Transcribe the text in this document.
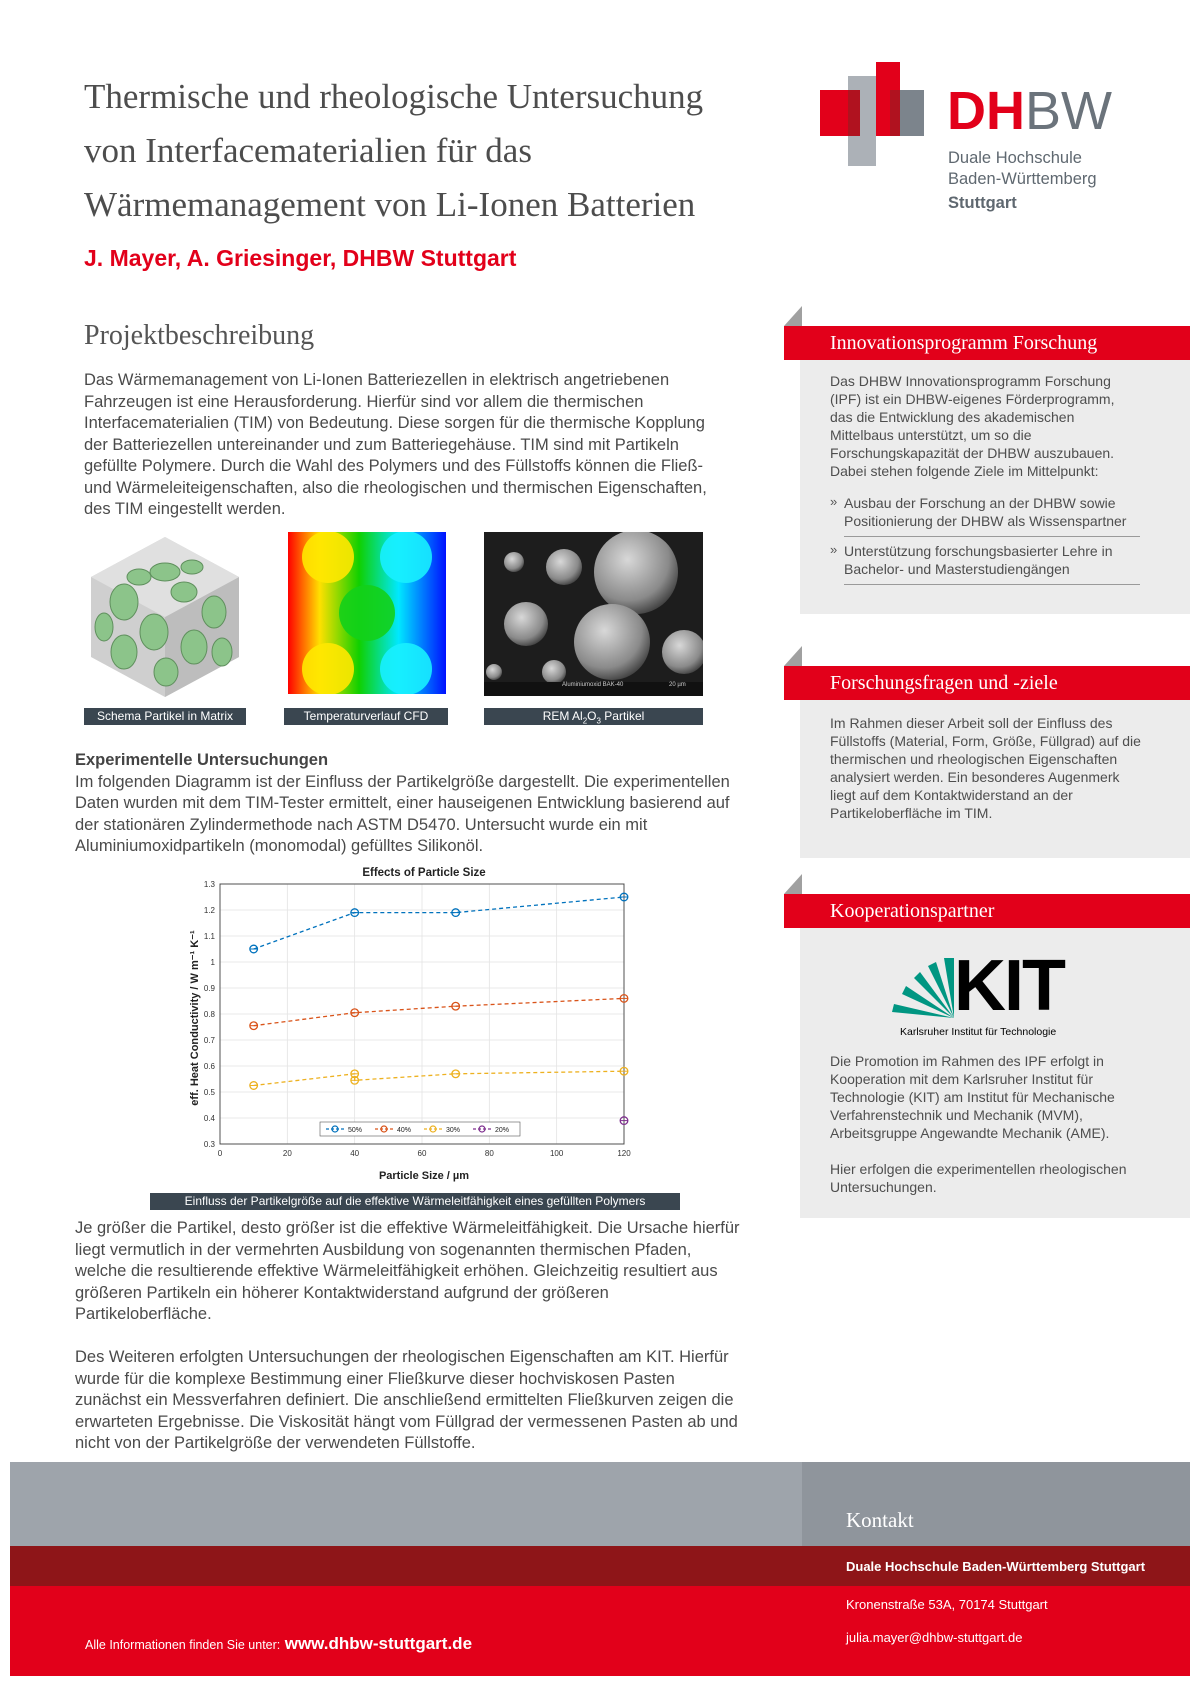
Thermische und rheologische Untersuchung
von Interfacematerialien für das
Wärmemanagement von Li-Ionen Batterien
J. Mayer, A. Griesinger, DHBW Stuttgart
DHBW
Duale Hochschule
Baden-Württemberg
Stuttgart
Projektbeschreibung
Das Wärmemanagement von Li-Ionen Batteriezellen in elektrisch angetriebenen Fahrzeugen ist eine Herausforderung. Hierfür sind vor allem die thermischen Interfacematerialien (TIM) von Bedeutung. Diese sorgen für die thermische Kopplung der Batteriezellen untereinander und zum Batteriegehäuse. TIM sind mit Partikeln gefüllte Polymere. Durch die Wahl des Polymers und des Füllstoffs können die Fließ- und Wärmeleiteigenschaften, also die rheologischen und thermischen Eigenschaften, des TIM eingestellt werden.
Aluminiumoxid BAK-40	20 µm
Schema Partikel in Matrix	Temperaturverlauf CFD	REM $Al_2O_3$ Partikel
Experimentelle Untersuchungen
Im folgenden Diagramm ist der Einfluss der Partikelgröße dargestellt. Die experimentellen Daten wurden mit dem TIM-Tester ermittelt, einer hauseigenen Entwicklung basierend auf der stationären Zylindermethode nach ASTM D5470. Untersucht wurde ein mit Aluminiumoxidpartikeln (monomodal) gefülltes Silikonöl.
Effects of Particle Size
Particle Size / µm
eff. Heat Conductivity / W m⁻¹ K⁻¹
0.3
0.4
0.5
0.6
0.7
0.8
0.9
1
1.1
1.2
1.3
0	20	40	60	80	100	120
50%	40%	30%	20%
Einfluss der Partikelgröße auf die effektive Wärmeleitfähigkeit eines gefüllten Polymers
Je größer die Partikel, desto größer ist die effektive Wärmeleitfähigkeit. Die Ursache hierfür liegt vermutlich in der vermehrten Ausbildung von sogenannten thermischen Pfaden, welche die resultierende effektive Wärmeleitfähigkeit erhöhen. Gleichzeitig resultiert aus größeren Partikeln ein höherer Kontaktwiderstand aufgrund der größeren Partikeloberfläche.
Des Weiteren erfolgten Untersuchungen der rheologischen Eigenschaften am KIT. Hierfür wurde für die komplexe Bestimmung einer Fließkurve dieser hochviskosen Pasten zunächst ein Messverfahren definiert. Die anschließend ermittelten Fließkurven zeigen die erwarteten Ergebnisse. Die Viskosität hängt vom Füllgrad der vermessenen Pasten ab und nicht von der Partikelgröße der verwendeten Füllstoffe.
Innovationsprogramm Forschung
Das DHBW Innovationsprogramm Forschung (IPF) ist ein DHBW-eigenes Förderprogramm, das die Entwicklung des akademischen Mittelbaus unterstützt, um so die Forschungskapazität der DHBW auszubauen. Dabei stehen folgende Ziele im Mittelpunkt:
» Ausbau der Forschung an der DHBW sowie Positionierung der DHBW als Wissenspartner
» Unterstützung forschungsbasierter Lehre in Bachelor- und Masterstudiengängen
Forschungsfragen und -ziele
Im Rahmen dieser Arbeit soll der Einfluss des Füllstoffs (Material, Form, Größe, Füllgrad) auf die thermischen und rheologischen Eigenschaften analysiert werden. Ein besonderes Augenmerk liegt auf dem Kontaktwiderstand an der Partikeloberfläche im TIM.
Kooperationspartner
KIT
Karlsruher Institut für Technologie
Die Promotion im Rahmen des IPF erfolgt in Kooperation mit dem Karlsruher Institut für Technologie (KIT) am Institut für Mechanische Verfahrenstechnik und Mechanik (MVM), Arbeitsgruppe Angewandte Mechanik (AME).
Hier erfolgen die experimentellen rheologischen Untersuchungen.
Kontakt
Duale Hochschule Baden-Württemberg Stuttgart
Kronenstraße 53A, 70174 Stuttgart
julia.mayer@dhbw-stuttgart.de
Alle Informationen finden Sie unter: www.dhbw-stuttgart.de
